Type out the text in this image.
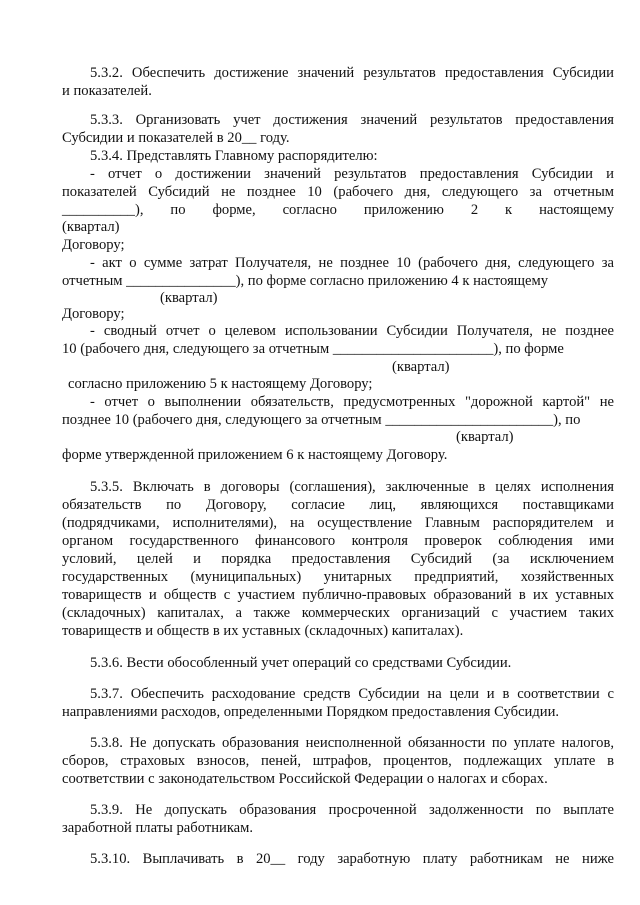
5.3.2. Обеспечить достижение значений результатов предоставления Субсидии
и показателей.
5.3.3. Организовать учет достижения значений результатов предоставления
Субсидии и показателей в 20__ году.
5.3.4. Представлять Главному распорядителю:
- отчет о достижении значений результатов предоставления Субсидии и
показателей Субсидий не позднее 10 (рабочего дня, следующего за отчетным
__________), по форме, согласно приложению 2 к настоящему
(квартал)
Договору;
- акт о сумме затрат Получателя, не позднее 10 (рабочего дня, следующего за
отчетным _______________), по форме согласно приложению 4 к настоящему
(квартал)
Договору;
- сводный отчет о целевом использовании Субсидии Получателя, не позднее
10 (рабочего дня, следующего за отчетным ______________________), по форме
(квартал)
согласно приложению 5 к настоящему Договору;
- отчет о выполнении обязательств, предусмотренных "дорожной картой" не
позднее 10 (рабочего дня, следующего за отчетным _______________________), по
(квартал)
форме утвержденной приложением 6 к настоящему Договору.
5.3.5. Включать в договоры (соглашения), заключенные в целях исполнения
обязательств по Договору, согласие лиц, являющихся поставщиками
(подрядчиками, исполнителями), на осуществление Главным распорядителем и
органом государственного финансового контроля проверок соблюдения ими
условий, целей и порядка предоставления Субсидий (за исключением
государственных (муниципальных) унитарных предприятий, хозяйственных
товариществ и обществ с участием публично-правовых образований в их уставных
(складочных) капиталах, а также коммерческих организаций с участием таких
товариществ и обществ в их уставных (складочных) капиталах).
5.3.6. Вести обособленный учет операций со средствами Субсидии.
5.3.7. Обеспечить расходование средств Субсидии на цели и в соответствии с
направлениями расходов, определенными Порядком предоставления Субсидии.
5.3.8. Не допускать образования неисполненной обязанности по уплате налогов,
сборов, страховых взносов, пеней, штрафов, процентов, подлежащих уплате в
соответствии с законодательством Российской Федерации о налогах и сборах.
5.3.9. Не допускать образования просроченной задолженности по выплате
заработной платы работникам.
5.3.10. Выплачивать в 20__ году заработную плату работникам не ниже
